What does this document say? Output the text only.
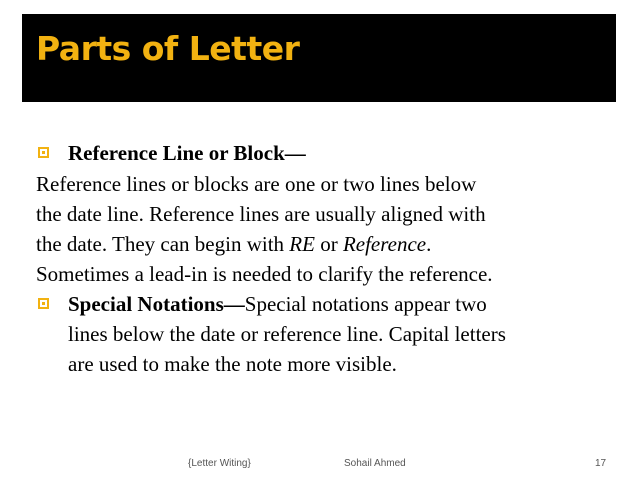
Parts of Letter
Reference Line or Block—
Reference lines or blocks are one or two lines below
the date line. Reference lines are usually aligned with
the date. They can begin with RE or Reference.
Sometimes a lead-in is needed to clarify the reference.
Special Notations—Special notations appear two
lines below the date or reference line. Capital letters
are used to make the note more visible.
{Letter Witing}	Sohail Ahmed	17
